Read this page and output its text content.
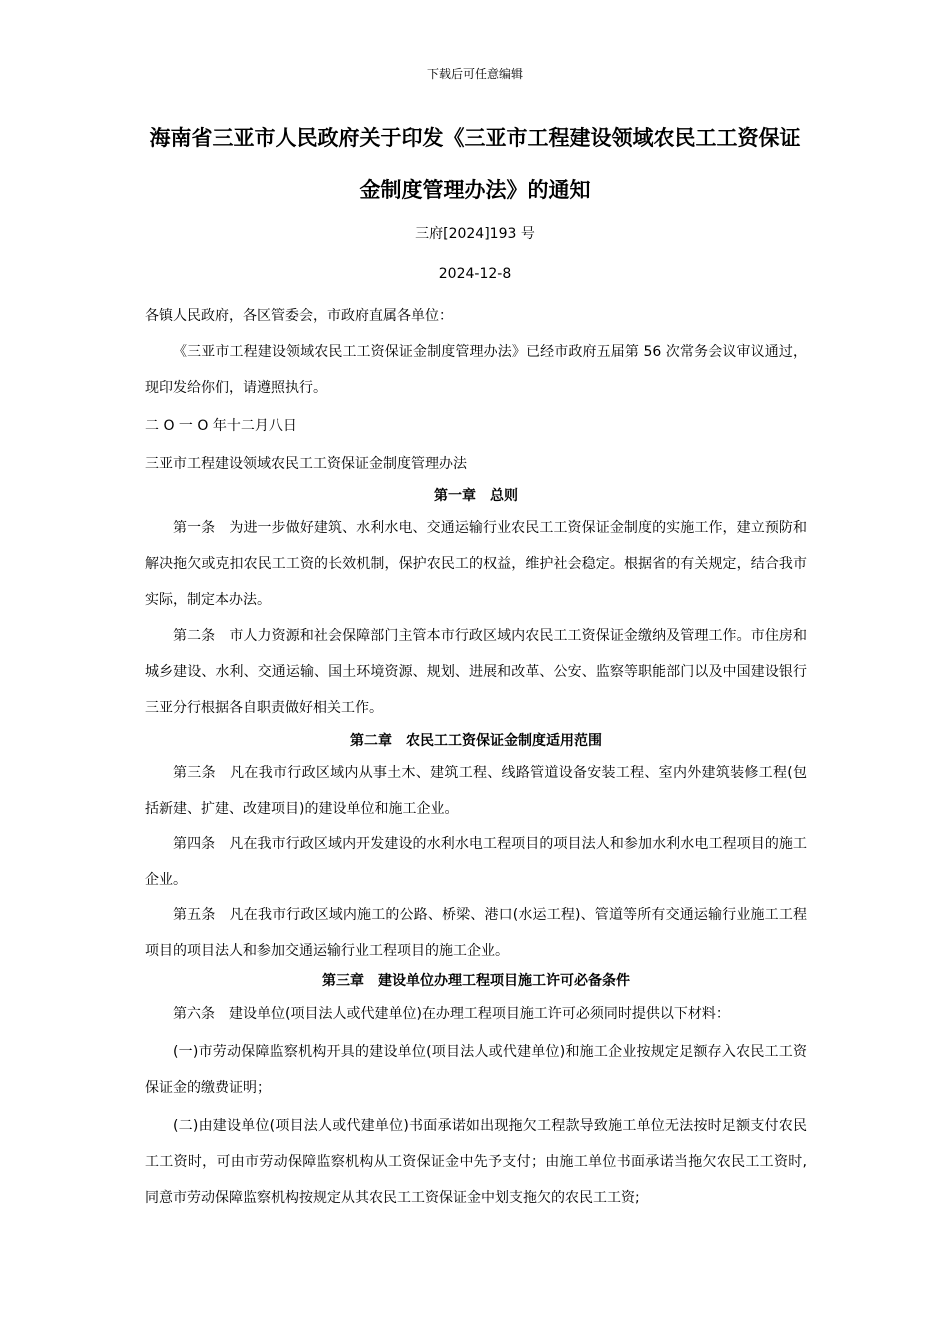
下载后可任意编辑
海南省三亚市人民政府关于印发《三亚市工程建设领域农民工工资保证金制度管理办法》的通知
三府[2024]193 号
2024-12-8
各镇人民政府，各区管委会，市政府直属各单位：
《三亚市工程建设领域农民工工资保证金制度管理办法》已经市政府五届第 56 次常务会议审议通过，现印发给你们，请遵照执行。
二 O 一 O 年十二月八日
三亚市工程建设领域农民工工资保证金制度管理办法
第一章　总则
第一条　为进一步做好建筑、水利水电、交通运输行业农民工工资保证金制度的实施工作，建立预防和解决拖欠或克扣农民工工资的长效机制，保护农民工的权益，维护社会稳定。根据省的有关规定，结合我市实际，制定本办法。
第二条　市人力资源和社会保障部门主管本市行政区域内农民工工资保证金缴纳及管理工作。市住房和城乡建设、水利、交通运输、国土环境资源、规划、进展和改革、公安、监察等职能部门以及中国建设银行三亚分行根据各自职责做好相关工作。
第二章　农民工工资保证金制度适用范围
第三条　凡在我市行政区域内从事土木、建筑工程、线路管道设备安装工程、室内外建筑装修工程(包括新建、扩建、改建项目)的建设单位和施工企业。
第四条　凡在我市行政区域内开发建设的水利水电工程项目的项目法人和参加水利水电工程项目的施工企业。
第五条　凡在我市行政区域内施工的公路、桥梁、港口(水运工程)、管道等所有交通运输行业施工工程项目的项目法人和参加交通运输行业工程项目的施工企业。
第三章　建设单位办理工程项目施工许可必备条件
第六条　建设单位(项目法人或代建单位)在办理工程项目施工许可必须同时提供以下材料：
(一)市劳动保障监察机构开具的建设单位(项目法人或代建单位)和施工企业按规定足额存入农民工工资保证金的缴费证明；
(二)由建设单位(项目法人或代建单位)书面承诺如出现拖欠工程款导致施工单位无法按时足额支付农民工工资时，可由市劳动保障监察机构从工资保证金中先予支付；由施工单位书面承诺当拖欠农民工工资时,同意市劳动保障监察机构按规定从其农民工工资保证金中划支拖欠的农民工工资;
